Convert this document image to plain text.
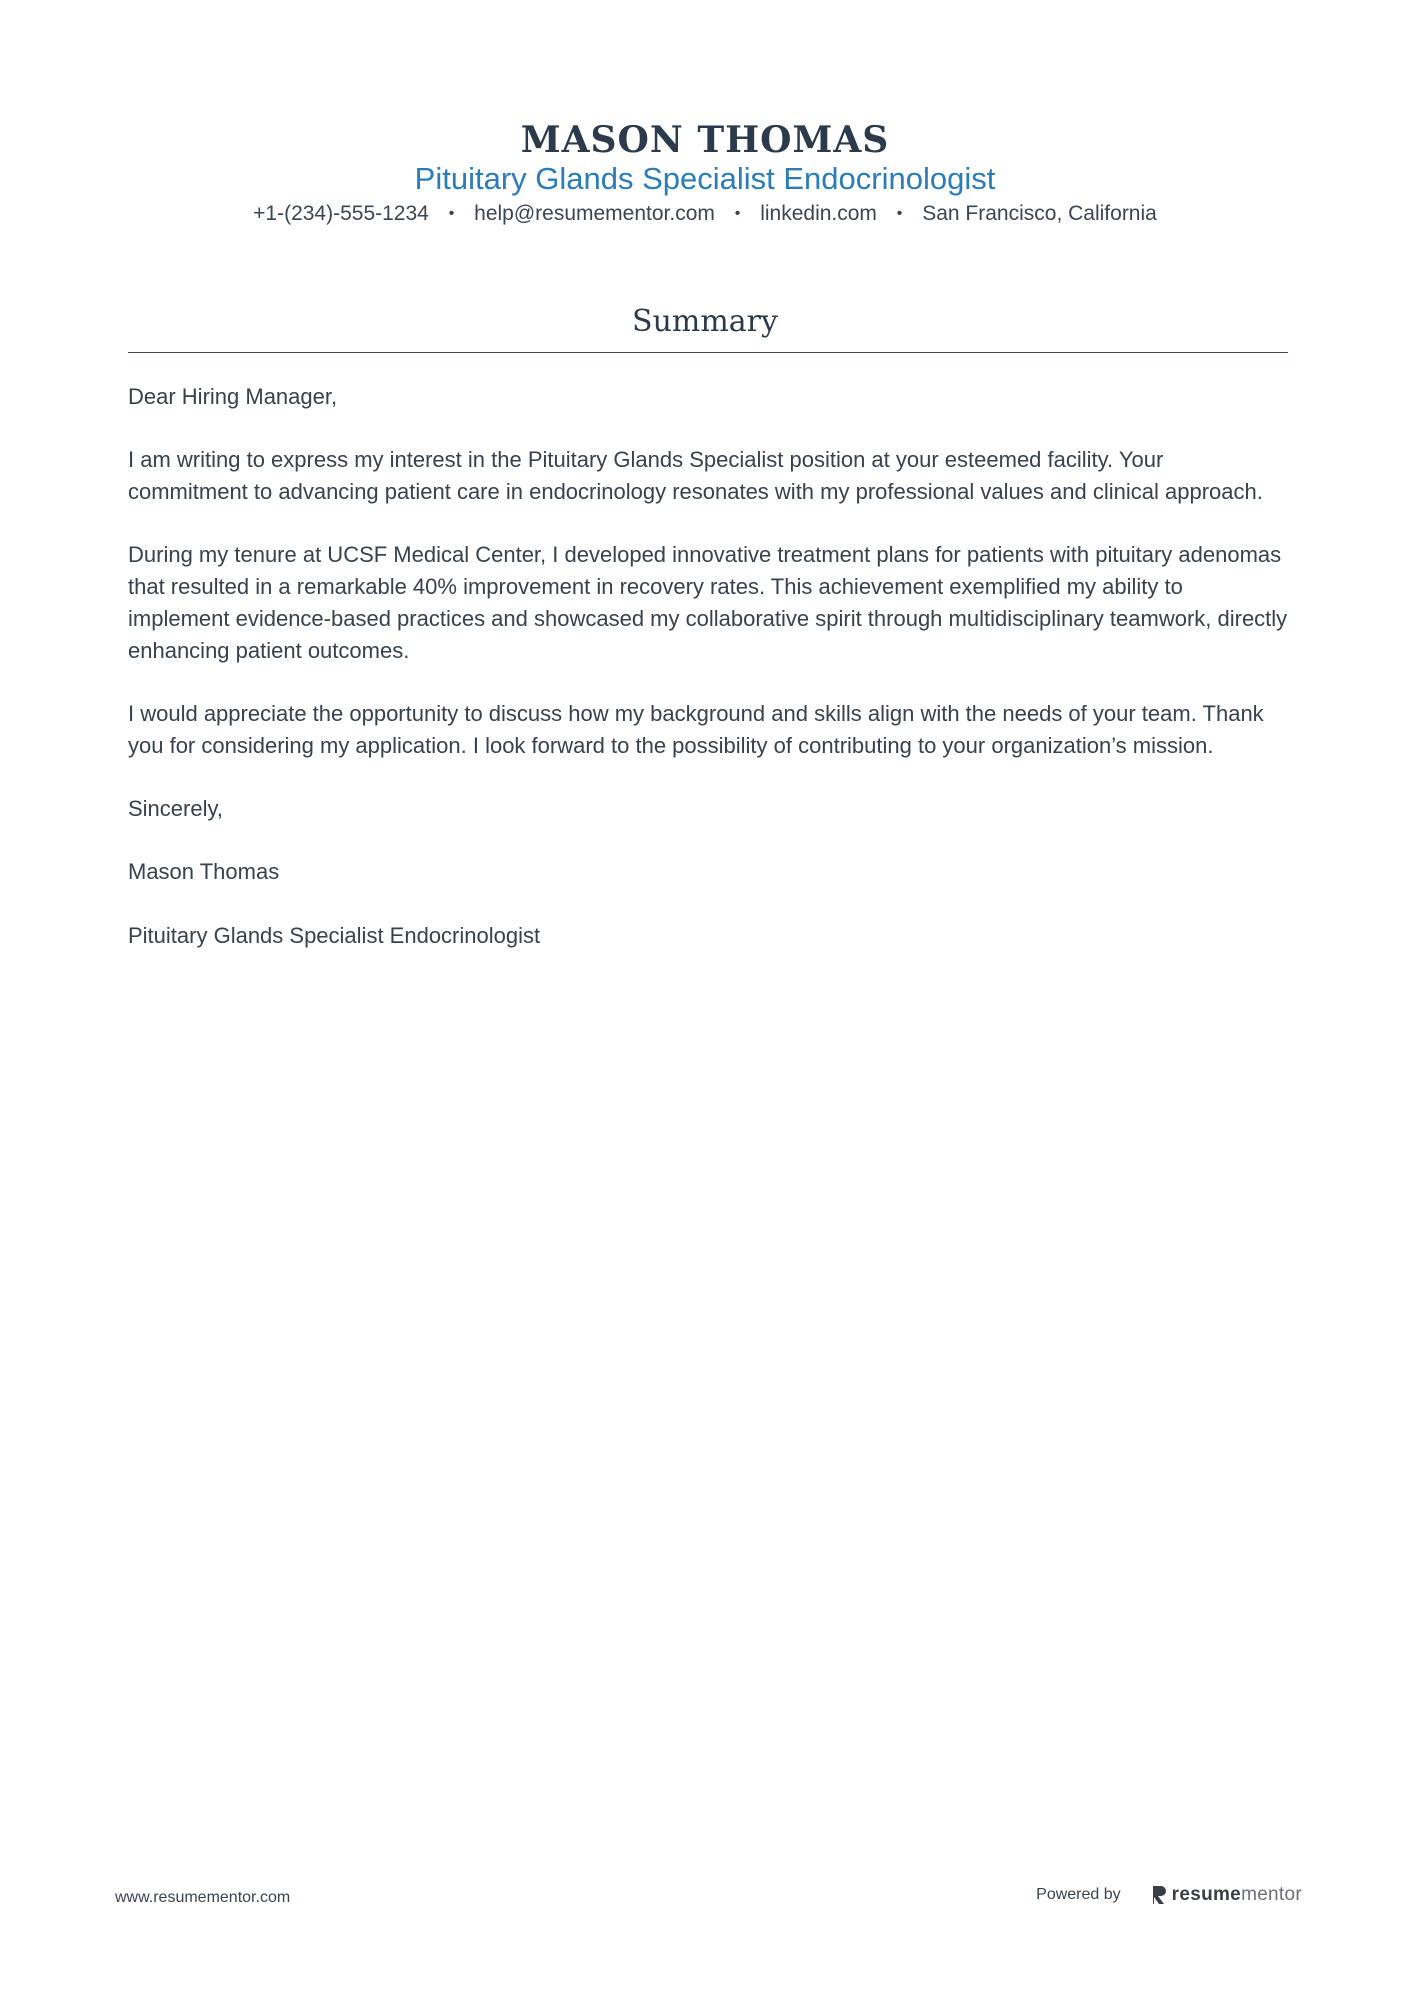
MASON THOMAS
Pituitary Glands Specialist Endocrinologist
+1-(234)-555-1234 • help@resumementor.com • linkedin.com • San Francisco, California
Summary

Dear Hiring Manager,

I am writing to express my interest in the Pituitary Glands Specialist position at your esteemed facility. Your commitment to advancing patient care in endocrinology resonates with my professional values and clinical approach.

During my tenure at UCSF Medical Center, I developed innovative treatment plans for patients with pituitary adenomas that resulted in a remarkable 40% improvement in recovery rates. This achievement exemplified my ability to implement evidence-based practices and showcased my collaborative spirit through multidisciplinary teamwork, directly enhancing patient outcomes.

I would appreciate the opportunity to discuss how my background and skills align with the needs of your team. Thank you for considering my application. I look forward to the possibility of contributing to your organization’s mission.

Sincerely,

Mason Thomas

Pituitary Glands Specialist Endocrinologist

www.resumementor.com	Powered by	resumementor
